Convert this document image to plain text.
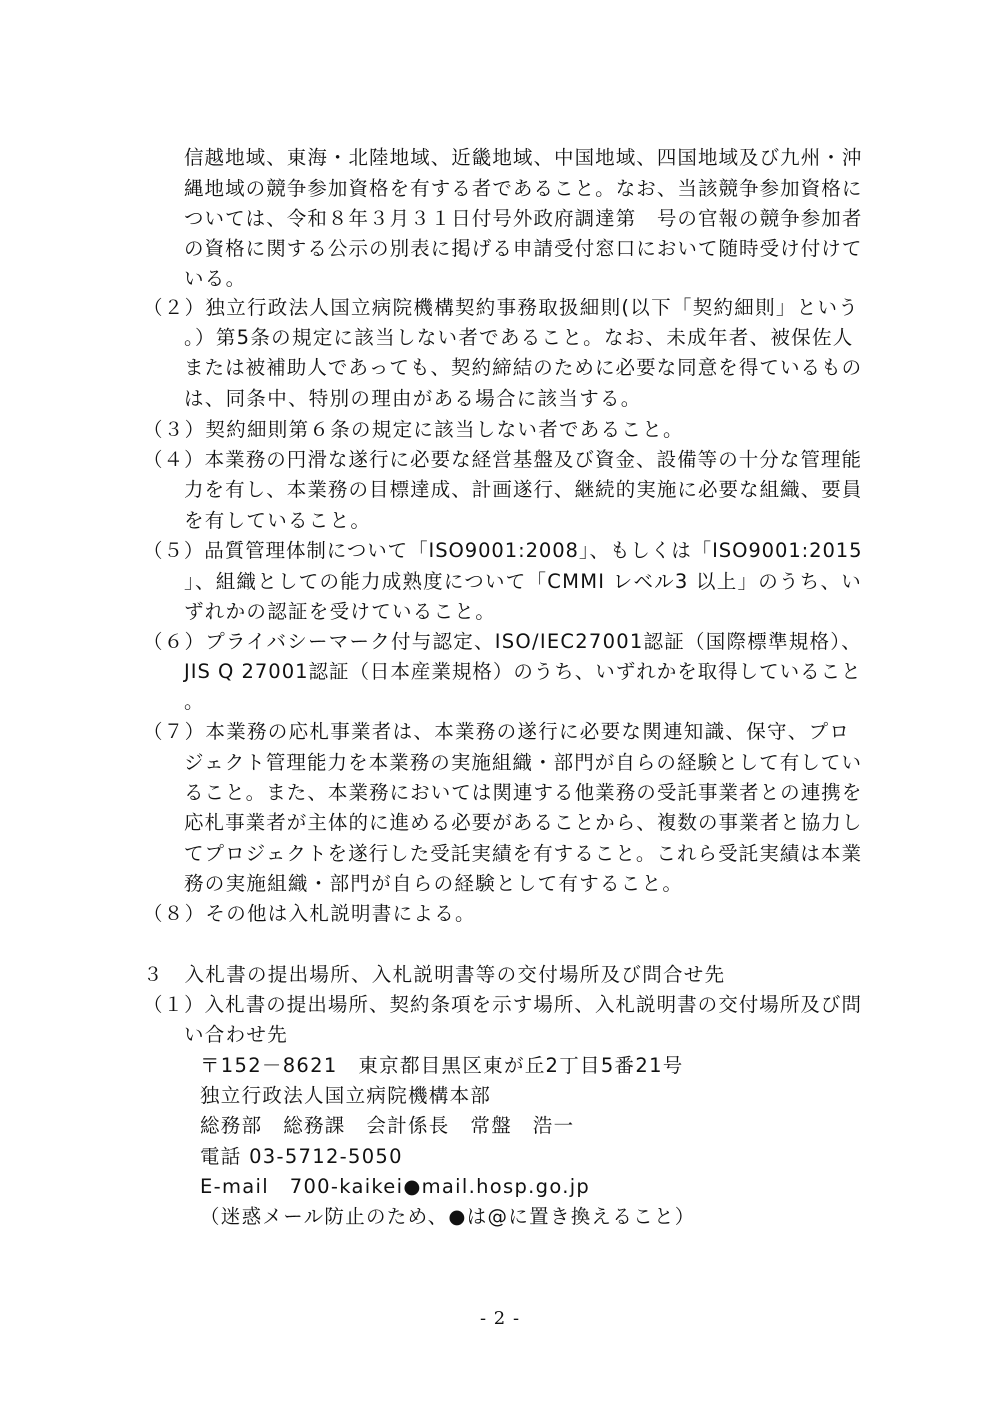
信越地域、東海・北陸地域、近畿地域、中国地域、四国地域及び九州・沖
縄地域の競争参加資格を有する者であること。なお、当該競争参加資格に
ついては、令和８年３月３１日付号外政府調達第　号の官報の競争参加者
の資格に関する公示の別表に掲げる申請受付窓口において随時受け付けて
いる。
（２）独立行政法人国立病院機構契約事務取扱細則(以下「契約細則」という
。）第5条の規定に該当しない者であること。なお、未成年者、被保佐人
または被補助人であっても、契約締結のために必要な同意を得ているもの
は、同条中、特別の理由がある場合に該当する。
（３）契約細則第６条の規定に該当しない者であること。
（４）本業務の円滑な遂行に必要な経営基盤及び資金、設備等の十分な管理能
力を有し、本業務の目標達成、計画遂行、継続的実施に必要な組織、要員
を有していること。
（５）品質管理体制について「ISO9001:2008」、もしくは「ISO9001:2015
」、組織としての能力成熟度について「CMMI レベル3 以上」のうち、い
ずれかの認証を受けていること。
（６）プライバシーマーク付与認定、ISO/IEC27001認証（国際標準規格）、
JIS Q 27001認証（日本産業規格）のうち、いずれかを取得していること
。
（７）本業務の応札事業者は、本業務の遂行に必要な関連知識、保守、プロ
ジェクト管理能力を本業務の実施組織・部門が自らの経験として有してい
ること。また、本業務においては関連する他業務の受託事業者との連携を
応札事業者が主体的に進める必要があることから、複数の事業者と協力し
てプロジェクトを遂行した受託実績を有すること。これら受託実績は本業
務の実施組織・部門が自らの経験として有すること。
（８）その他は入札説明書による。
３　入札書の提出場所、入札説明書等の交付場所及び問合せ先
（１）入札書の提出場所、契約条項を示す場所、入札説明書の交付場所及び問
い合わせ先
〒152－8621　東京都目黒区東が丘2丁目5番21号
独立行政法人国立病院機構本部
総務部　総務課　会計係長　常盤　浩一
電話 03-5712-5050
E-mail　700-kaikei●mail.hosp.go.jp
（迷惑メール防止のため、●は@に置き換えること）
- 2 -
